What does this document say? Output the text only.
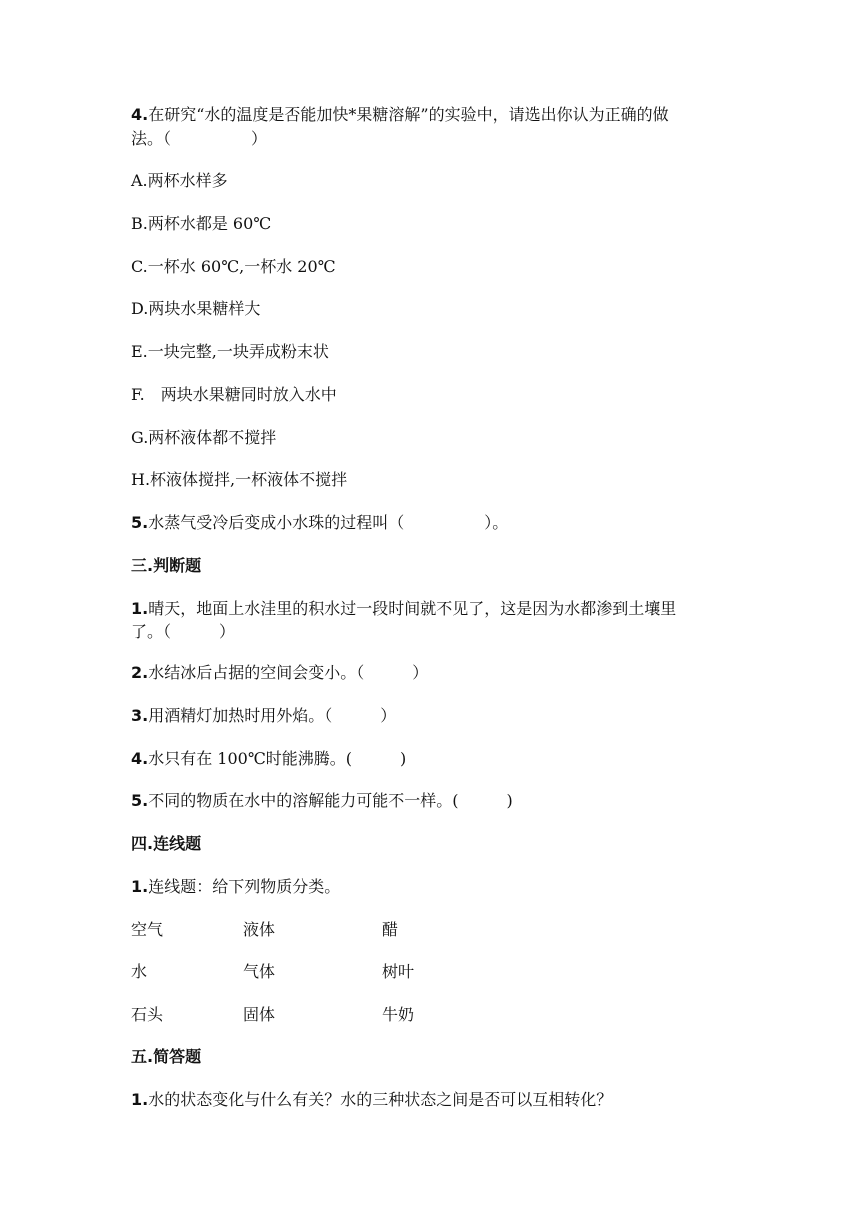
4.在研究“水的温度是否能加快*果糖溶解”的实验中，请选出你认为正确的做

法。（　　　　　）

A.两杯水样多

B.两杯水都是 60℃

C.一杯水 60℃,一杯水 20℃

D.两块水果糖样大

E.一块完整,一块弄成粉末状

F.　两块水果糖同时放入水中

G.两杯液体都不搅拌

H.杯液体搅拌,一杯液体不搅拌

5.水蒸气受冷后变成小水珠的过程叫（　　　　　）。

三.判断题

1.晴天，地面上水洼里的积水过一段时间就不见了，这是因为水都渗到土壤里

了。（　　　）

2.水结冰后占据的空间会变小。（　　　）

3.用酒精灯加热时用外焰。（　　　）

4.水只有在 100℃时能沸腾。(　　　)

5.不同的物质在水中的溶解能力可能不一样。(　　　)

四.连线题

1.连线题：给下列物质分类。

空气	液体	醋
水	气体	树叶
石头	固体	牛奶

五.简答题

1.水的状态变化与什么有关？水的三种状态之间是否可以互相转化？
